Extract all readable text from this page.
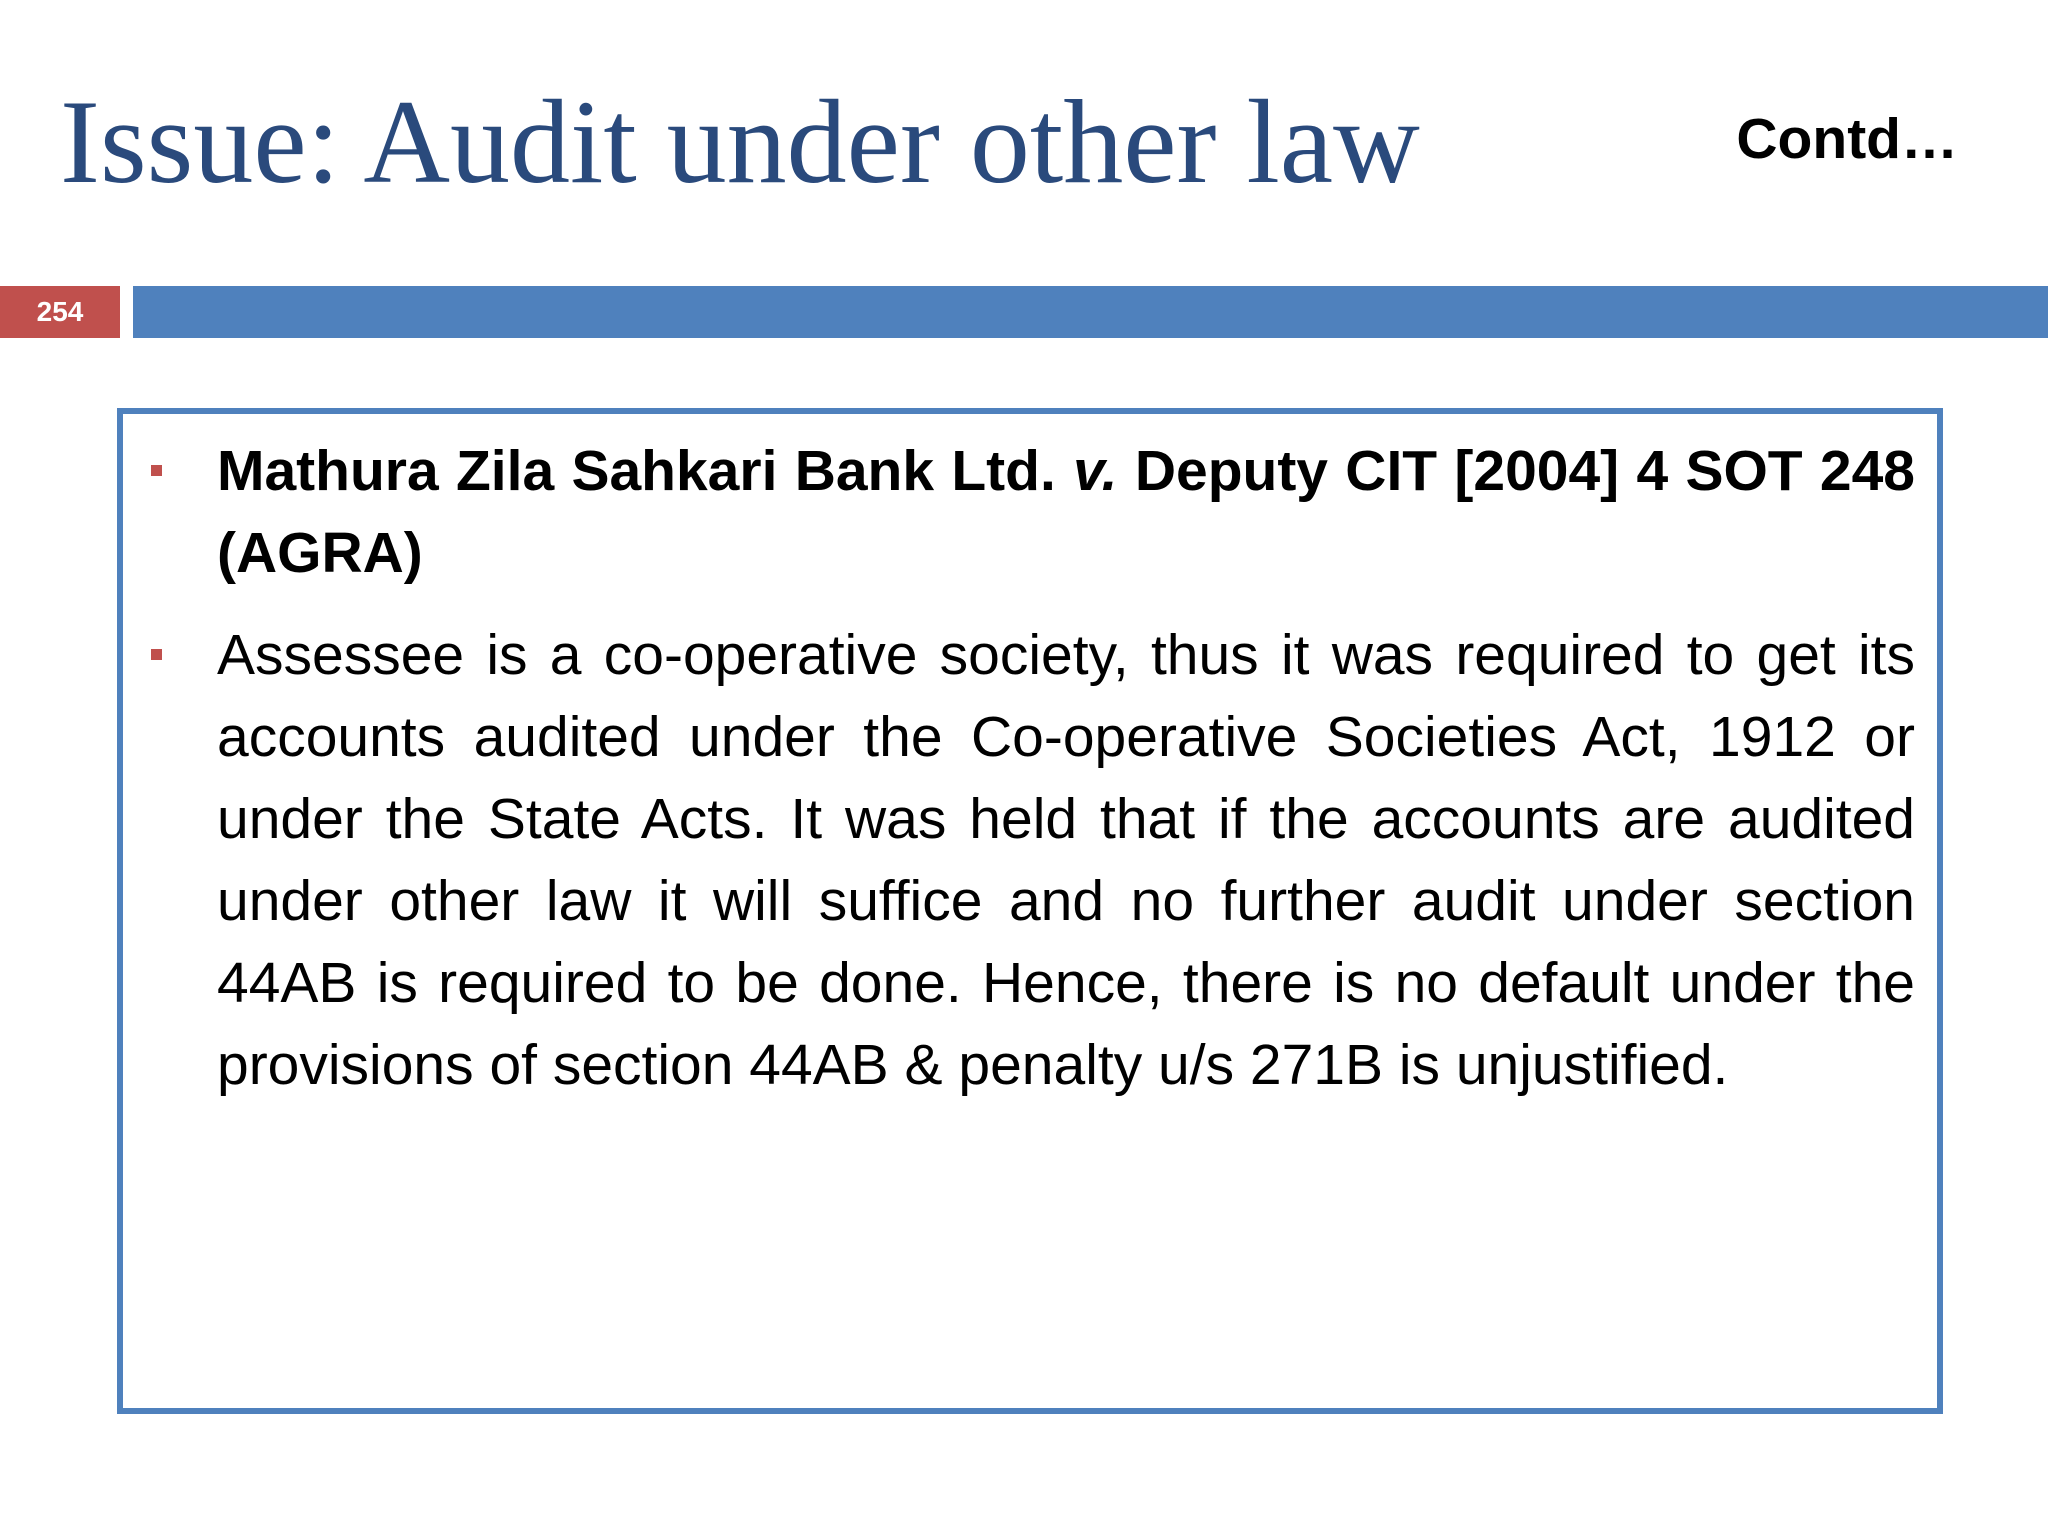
Issue: Audit under other law	Contd…
254
Mathura Zila Sahkari Bank Ltd. v. Deputy CIT [2004] 4 SOT 248 (AGRA)
Assessee is a co-operative society, thus it was required to get its accounts audited under the Co-operative Societies Act, 1912 or under the State Acts. It was held that if the accounts are audited under other law it will suffice and no further audit under section 44AB is required to be done. Hence, there is no default under the provisions of section 44AB & penalty u/s 271B is unjustified.
